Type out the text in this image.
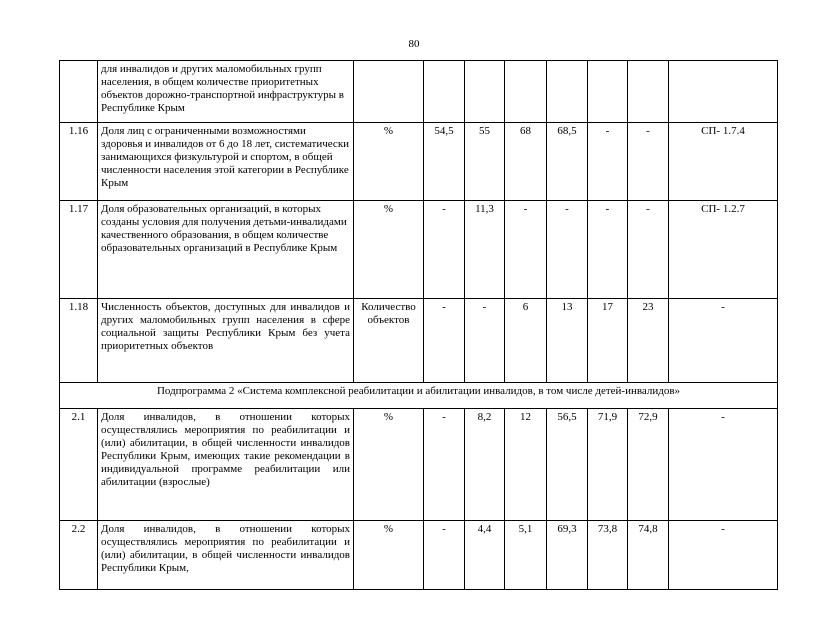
80
	для инвалидов и других маломобильных групп населения, в общем количестве приоритетных объектов дорожно-транспортной инфраструктуры в Республике Крым								
1.16	Доля лиц с ограниченными возможностями здоровья и инвалидов от 6 до 18 лет, систематически занимающихся физкультурой и спортом, в общей численности населения этой категории в Республике Крым	%	54,5	55	68	68,5	-	-	СП- 1.7.4
1.17	Доля образовательных организаций, в которых созданы условия для получения детьми-инвалидами качественного образования, в общем количестве образовательных организаций в Республике Крым	%	-	11,3	-	-	-	-	СП- 1.2.7
1.18	Численность объектов, доступных для инвалидов и других маломобильных групп населения в сфере социальной защиты Республики Крым без учета приоритетных объектов	Количество объектов	-	-	6	13	17	23	-
Подпрограмма 2 «Система комплексной реабилитации и абилитации инвалидов, в том числе детей-инвалидов»									
2.1	Доля инвалидов, в отношении которых осуществлялись мероприятия по реабилитации и (или) абилитации, в общей численности инвалидов Республики Крым, имеющих такие рекомендации в индивидуальной программе реабилитации или абилитации (взрослые)	%	-	8,2	12	56,5	71,9	72,9	-
2.2	Доля инвалидов, в отношении которых осуществлялись мероприятия по реабилитации и (или) абилитации, в общей численности инвалидов Республики Крым,	%	-	4,4	5,1	69,3	73,8	74,8	-
